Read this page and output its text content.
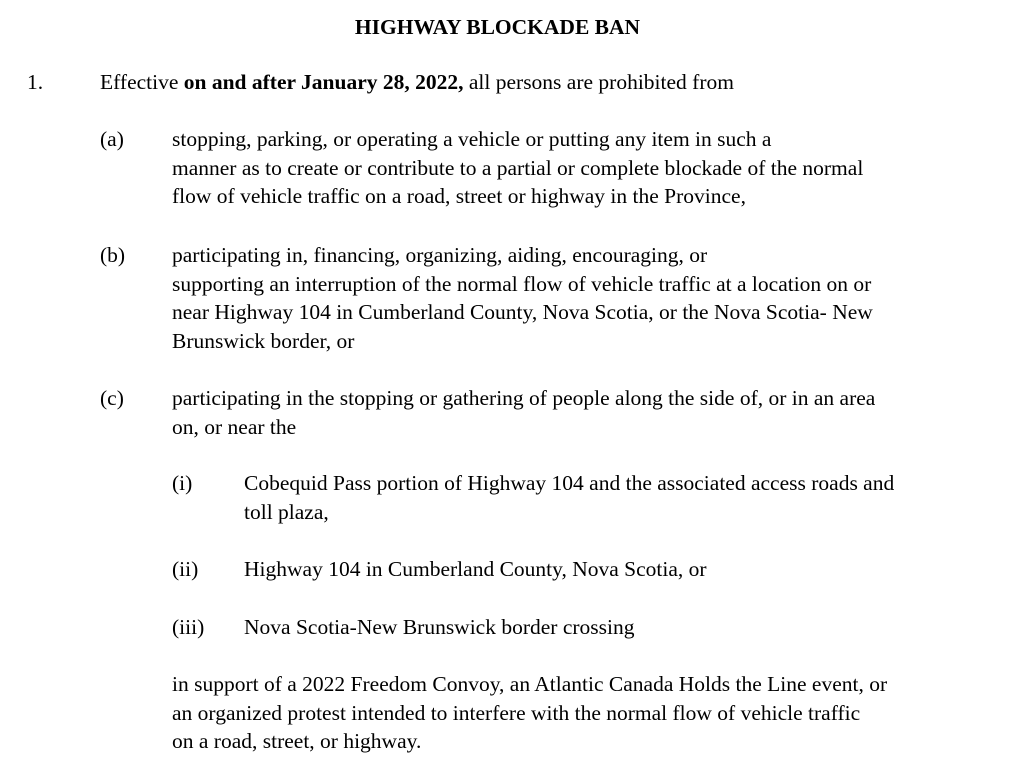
HIGHWAY BLOCKADE BAN
1.	Effective on and after January 28, 2022, all persons are prohibited from
(a) stopping, parking, or operating a vehicle or putting any item in such a
manner as to create or contribute to a partial or complete blockade of the normal
flow of vehicle traffic on a road, street or highway in the Province,
(b) participating in, financing, organizing, aiding, encouraging, or
supporting an interruption of the normal flow of vehicle traffic at a location on or
near Highway 104 in Cumberland County, Nova Scotia, or the Nova Scotia- New
Brunswick border, or
(c) participating in the stopping or gathering of people along the side of, or in an area
on, or near the
(i) Cobequid Pass portion of Highway 104 and the associated access roads and
toll plaza,
(ii) Highway 104 in Cumberland County, Nova Scotia, or
(iii) Nova Scotia-New Brunswick border crossing
in support of a 2022 Freedom Convoy, an Atlantic Canada Holds the Line event, or
an organized protest intended to interfere with the normal flow of vehicle traffic
on a road, street, or highway.
